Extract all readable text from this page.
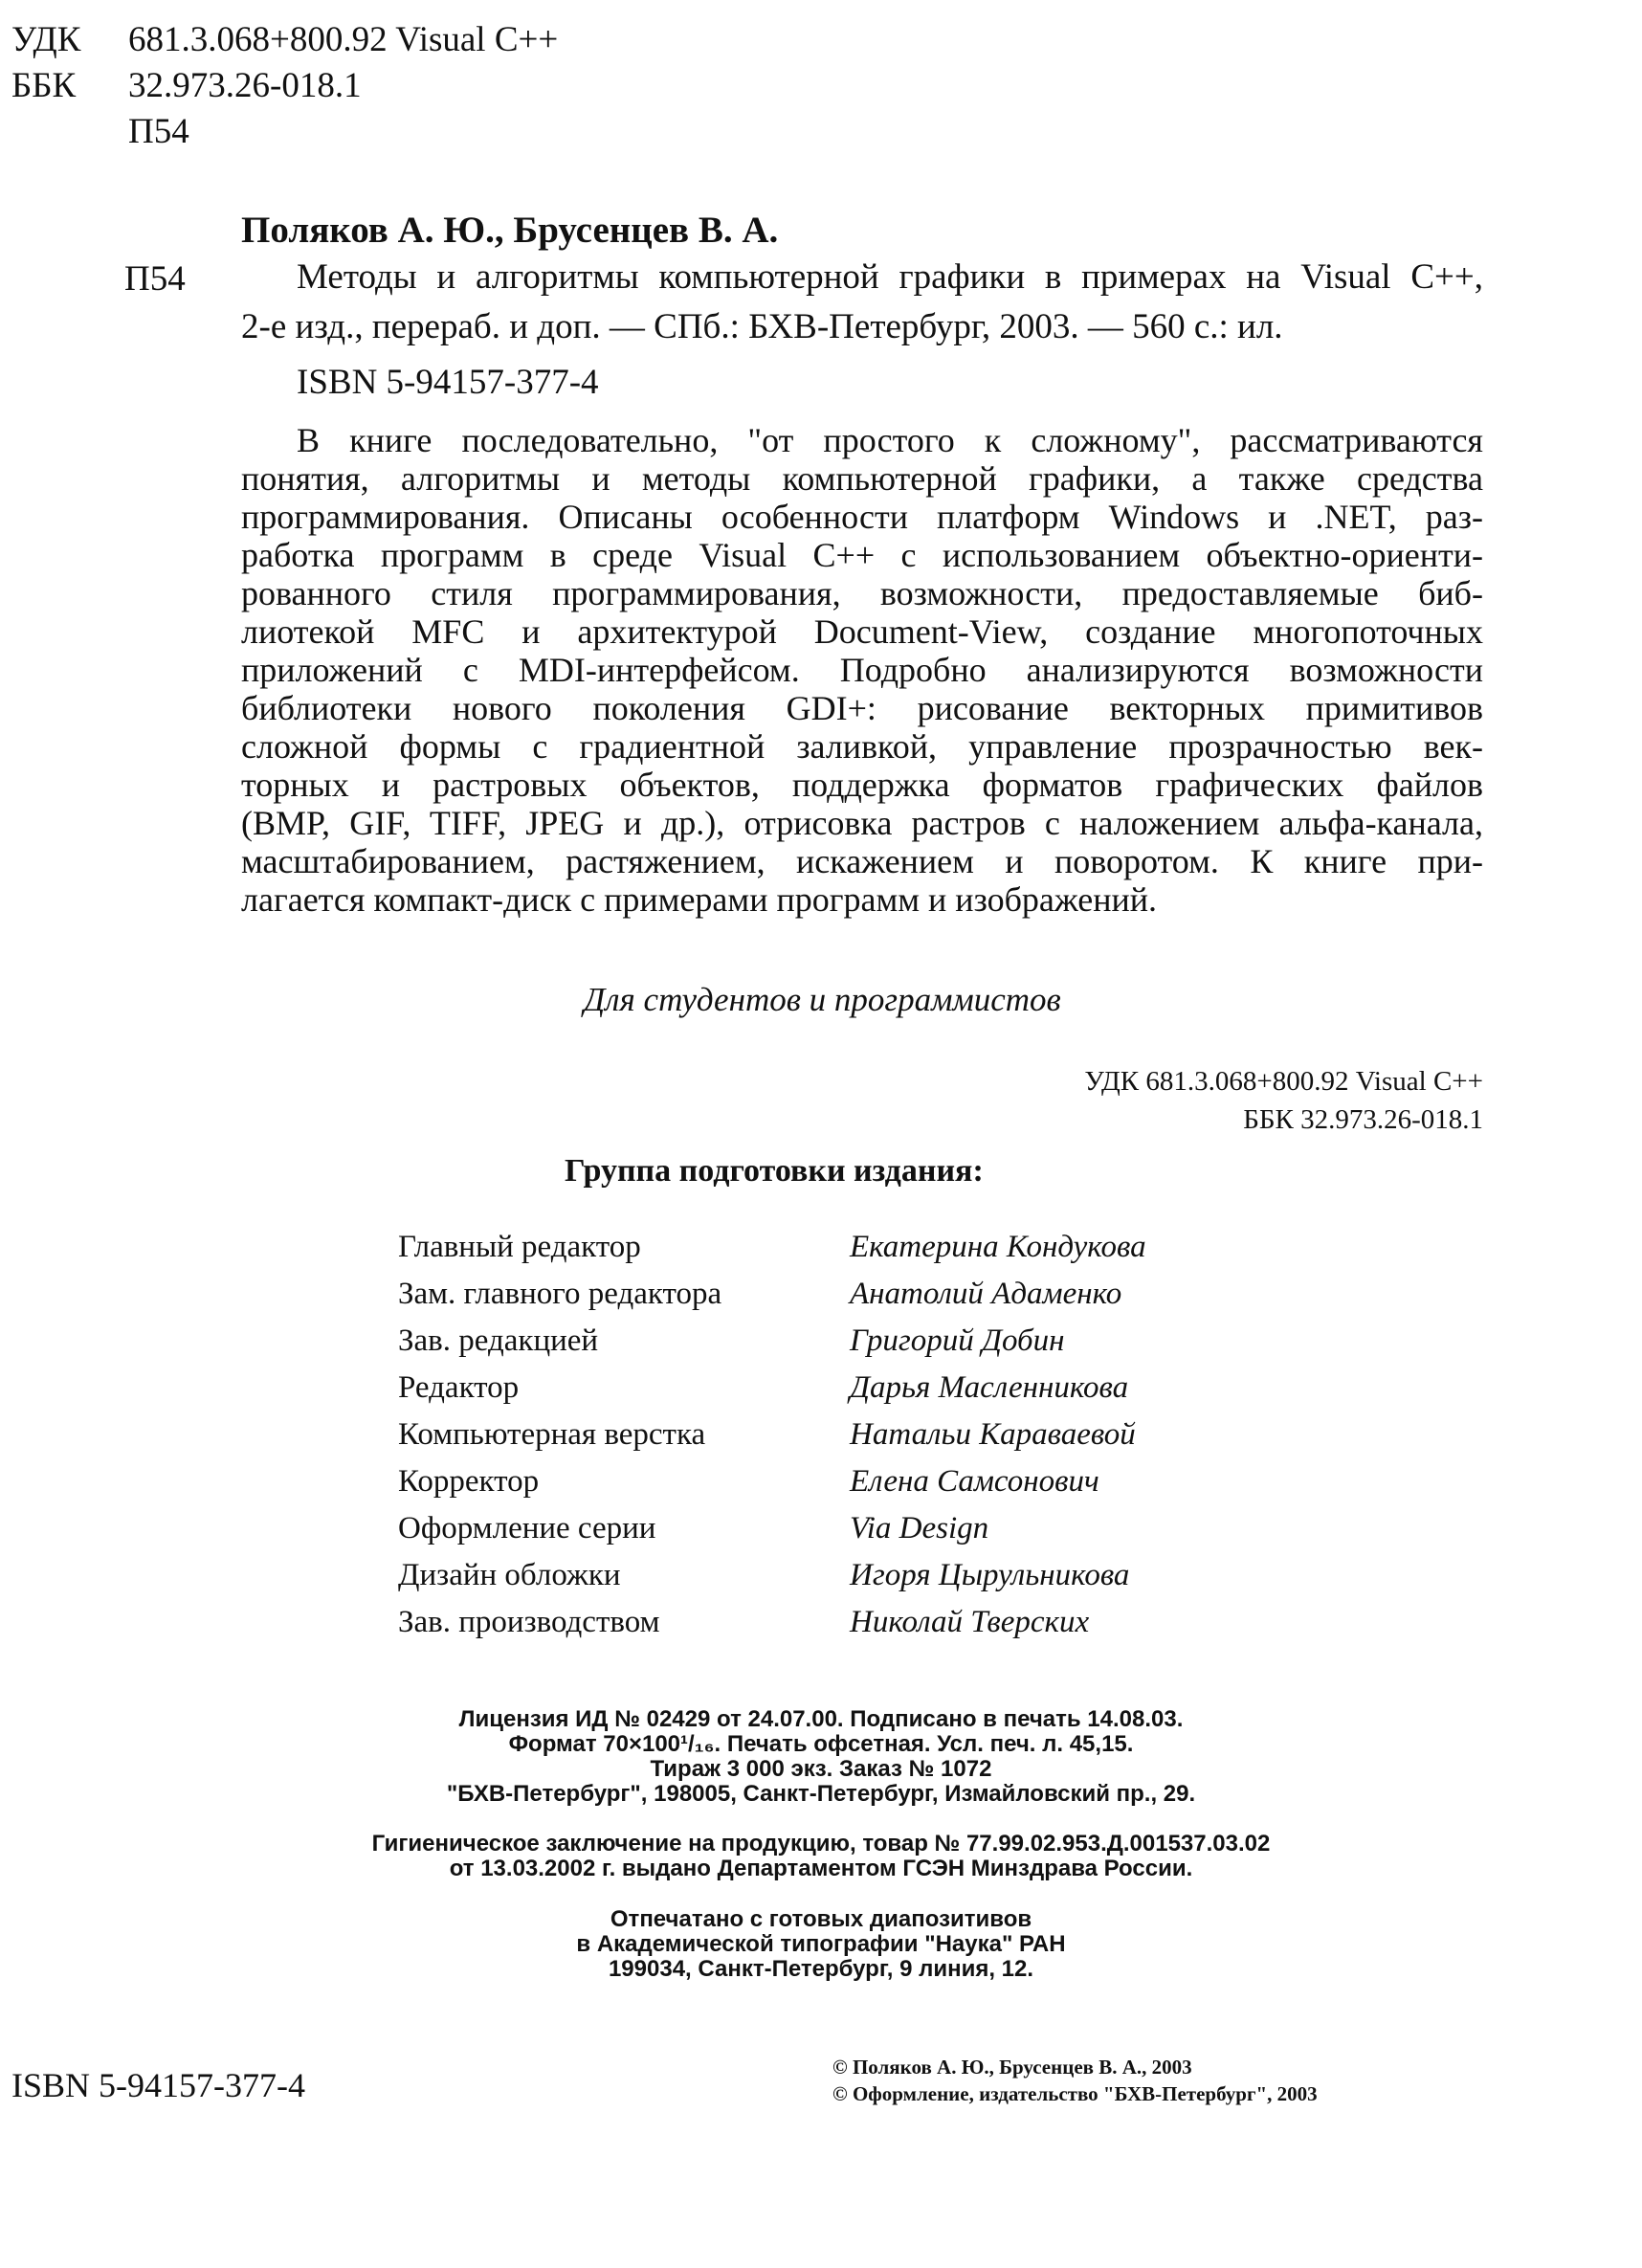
УДК 681.3.068+800.92 Visual C++
ББК 32.973.26-018.1
П54
Поляков А. Ю., Брусенцев В. А.
П54	Методы и алгоритмы компьютерной графики в примерах на Visual C++,
2-е изд., перераб. и доп. — СПб.: БХВ-Петербург, 2003. — 560 с.: ил.
ISBN 5-94157-377-4
В книге последовательно, "от простого к сложному", рассматриваются
понятия, алгоритмы и методы компьютерной графики, а также средства
программирования. Описаны особенности платформ Windows и .NET, раз-
работка программ в среде Visual C++ с использованием объектно-ориенти-
рованного стиля программирования, возможности, предоставляемые биб-
лиотекой MFC и архитектурой Document-View, создание многопоточных
приложений с MDI-интерфейсом. Подробно анализируются возможности
библиотеки нового поколения GDI+: рисование векторных примитивов
сложной формы с градиентной заливкой, управление прозрачностью век-
торных и растровых объектов, поддержка форматов графических файлов
(BMP, GIF, TIFF, JPEG и др.), отрисовка растров с наложением альфа-канала,
масштабированием, растяжением, искажением и поворотом. К книге при-
лагается компакт-диск с примерами программ и изображений.
Для студентов и программистов
УДК 681.3.068+800.92 Visual C++
ББК 32.973.26-018.1
Группа подготовки издания:
Главный редактор	Екатерина Кондукова
Зам. главного редактора	Анатолий Адаменко
Зав. редакцией	Григорий Добин
Редактор	Дарья Масленникова
Компьютерная верстка	Натальи Караваевой
Корректор	Елена Самсонович
Оформление серии	Via Design
Дизайн обложки	Игоря Цырульникова
Зав. производством	Николай Тверских
Лицензия ИД № 02429 от 24.07.00. Подписано в печать 14.08.03.
Формат 70×100¹/₁₆. Печать офсетная. Усл. печ. л. 45,15.
Тираж 3 000 экз. Заказ № 1072
"БХВ-Петербург", 198005, Санкт-Петербург, Измайловский пр., 29.
Гигиеническое заключение на продукцию, товар № 77.99.02.953.Д.001537.03.02
от 13.03.2002 г. выдано Департаментом ГСЭН Минздрава России.
Отпечатано с готовых диапозитивов
в Академической типографии "Наука" РАН
199034, Санкт-Петербург, 9 линия, 12.
ISBN 5-94157-377-4	© Поляков А. Ю., Брусенцев В. А., 2003
© Оформление, издательство "БХВ-Петербург", 2003
